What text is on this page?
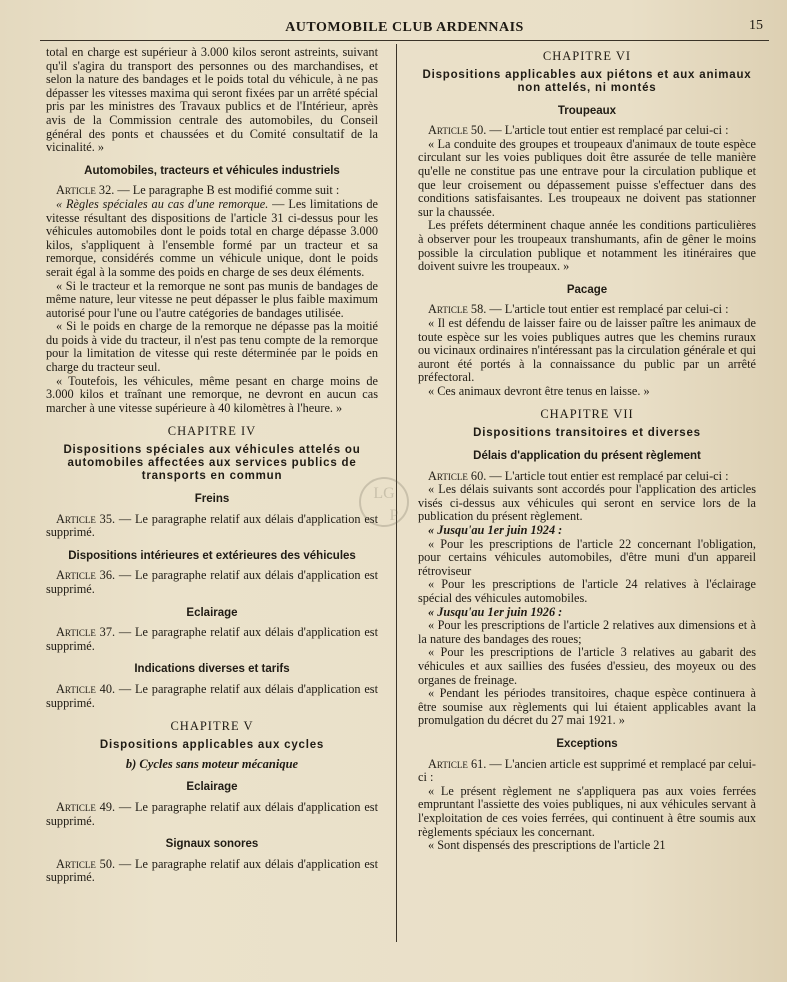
AUTOMOBILE CLUB ARDENNAIS	15

total en charge est supérieur à 3.000 kilos seront astreints, suivant qu'il s'agira du transport des personnes ou des marchandises, et selon la nature des bandages et le poids total du véhicule, à ne pas dépasser les vitesses maxima qui seront fixées par un arrêté spécial pris par les ministres des Travaux publics et de l'Intérieur, après avis de la Commission centrale des automobiles, du Conseil général des ponts et chaussées et du Comité consultatif de la vicinalité. »

Automobiles, tracteurs et véhicules industriels

Article 32. — Le paragraphe B est modifié comme suit :

« Règles spéciales au cas d'une remorque. — Les limitations de vitesse résultant des dispositions de l'article 31 ci-dessus pour les véhicules automobiles dont le poids total en charge dépasse 3.000 kilos, s'appliquent à l'ensemble formé par un tracteur et sa remorque, considérés comme un véhicule unique, dont le poids serait égal à la somme des poids en charge de ses deux éléments.

« Si le tracteur et la remorque ne sont pas munis de bandages de même nature, leur vitesse ne peut dépasser le plus faible maximum autorisé pour l'une ou l'autre catégories de bandages utilisée.

« Si le poids en charge de la remorque ne dépasse pas la moitié du poids à vide du tracteur, il n'est pas tenu compte de la remorque pour la limitation de vitesse qui reste déterminée par le poids en charge du tracteur seul.

« Toutefois, les véhicules, même pesant en charge moins de 3.000 kilos et traînant une remorque, ne devront en aucun cas marcher à une vitesse supérieure à 40 kilomètres à l'heure. »

CHAPITRE IV
Dispositions spéciales aux véhicules attelés ou automobiles affectées aux services publics de transports en commun
Freins

Article 35. — Le paragraphe relatif aux délais d'application est supprimé.

Dispositions intérieures et extérieures des véhicules

Article 36. — Le paragraphe relatif aux délais d'application est supprimé.

Eclairage

Article 37. — Le paragraphe relatif aux délais d'application est supprimé.

Indications diverses et tarifs

Article 40. — Le paragraphe relatif aux délais d'application est supprimé.

CHAPITRE V
Dispositions applicables aux cycles
b) Cycles sans moteur mécanique
Eclairage

Article 49. — Le paragraphe relatif aux délais d'application est supprimé.

Signaux sonores

Article 50. — Le paragraphe relatif aux délais d'application est supprimé.

CHAPITRE VI
Dispositions applicables aux piétons et aux animaux non attelés, ni montés
Troupeaux

Article 50. — L'article tout entier est remplacé par celui-ci :

« La conduite des groupes et troupeaux d'animaux de toute espèce circulant sur les voies publiques doit être assurée de telle manière qu'elle ne constitue pas une entrave pour la circulation publique et que leur croisement ou dépassement puisse s'effectuer dans des conditions satisfaisantes. Les troupeaux ne doivent pas stationner sur la chaussée.

Les préfets déterminent chaque année les conditions particulières à observer pour les troupeaux transhumants, afin de gêner le moins possible la circulation publique et notamment les itinéraires que doivent suivre les troupeaux. »

Pacage

Article 58. — L'article tout entier est remplacé par celui-ci :

« Il est défendu de laisser faire ou de laisser paître les animaux de toute espèce sur les voies publiques autres que les chemins ruraux ou vicinaux ordinaires n'intéressant pas la circulation générale et qui auront été portés à la connaissance du public par un arrêté préfectoral.

« Ces animaux devront être tenus en laisse. »

CHAPITRE VII
Dispositions transitoires et diverses
Délais d'application du présent règlement

Article 60. — L'article tout entier est remplacé par celui-ci :

« Les délais suivants sont accordés pour l'application des articles visés ci-dessus aux véhicules qui seront en service lors de la publication du présent règlement.

« Jusqu'au 1er juin 1924 :

« Pour les prescriptions de l'article 22 concernant l'obligation, pour certains véhicules automobiles, d'être muni d'un appareil rétroviseur

« Pour les prescriptions de l'article 24 relatives à l'éclairage spécial des véhicules automobiles.

« Jusqu'au 1er juin 1926 :

« Pour les prescriptions de l'article 2 relatives aux dimensions et à la nature des bandages des roues;

« Pour les prescriptions de l'article 3 relatives au gabarit des véhicules et aux saillies des fusées d'essieu, des moyeux ou des organes de freinage.

« Pendant les périodes transitoires, chaque espèce continuera à être soumise aux règlements qui lui étaient applicables avant la promulgation du décret du 27 mai 1921. »

Exceptions

Article 61. — L'ancien article est supprimé et remplacé par celui-ci :

« Le présent règlement ne s'appliquera pas aux voies ferrées empruntant l'assiette des voies publiques, ni aux véhicules servant à l'exploitation de ces voies ferrées, qui continuent à être soumis aux règlements spéciaux les concernant.

« Sont dispensés des prescriptions de l'article 21

LG
P
